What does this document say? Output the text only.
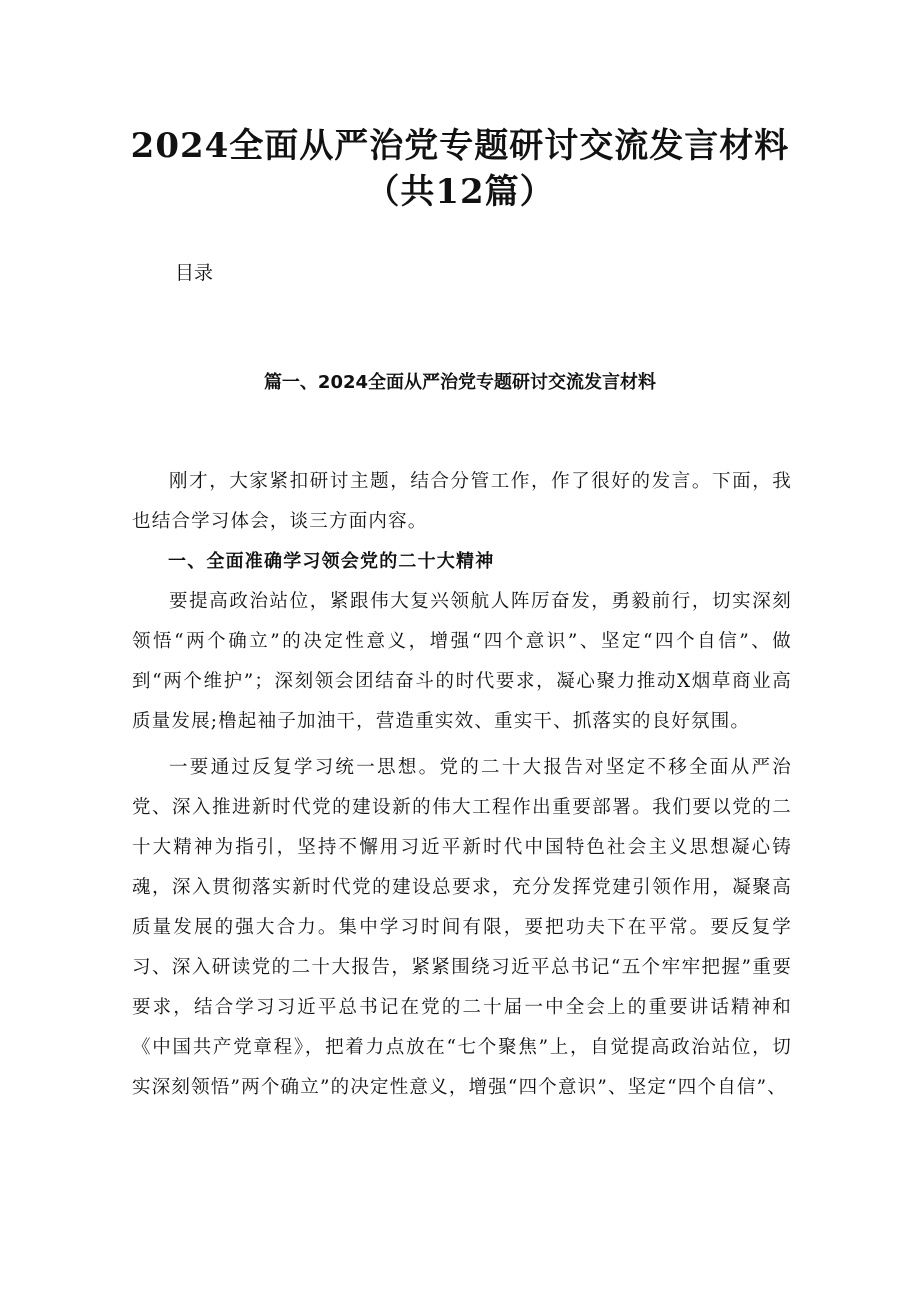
2024全面从严治党专题研讨交流发言材料
（共12篇）
目录
篇一、2024全面从严治党专题研讨交流发言材料

刚才，大家紧扣研讨主题，结合分管工作，作了很好的发言。下面，我也结合学习体会，谈三方面内容。

一、全面准确学习领会党的二十大精神

要提高政治站位，紧跟伟大复兴领航人阵厉奋发，勇毅前行，切实深刻领悟“两个确立”的决定性意义，增强“四个意识”、坚定“四个自信”、做到“两个维护”；深刻领会团结奋斗的时代要求，凝心聚力推动X烟草商业高质量发展;橹起袖子加油干，营造重实效、重实干、抓落实的良好氛围。

一要通过反复学习统一思想。党的二十大报告对坚定不移全面从严治党、深入推进新时代党的建设新的伟大工程作出重要部署。我们要以党的二十大精神为指引，坚持不懈用习近平新时代中国特色社会主义思想凝心铸魂，深入贯彻落实新时代党的建设总要求，充分发挥党建引领作用，凝聚高质量发展的强大合力。集中学习时间有限，要把功夫下在平常。要反复学习、深入研读党的二十大报告，紧紧围绕习近平总书记“五个牢牢把握”重要要求，结合学习习近平总书记在党的二十届一中全会上的重要讲话精神和《中国共产党章程》，把着力点放在“七个聚焦”上，自觉提高政治站位，切实深刻领悟”两个确立”的决定性意义，增强“四个意识”、坚定“四个自信”、
